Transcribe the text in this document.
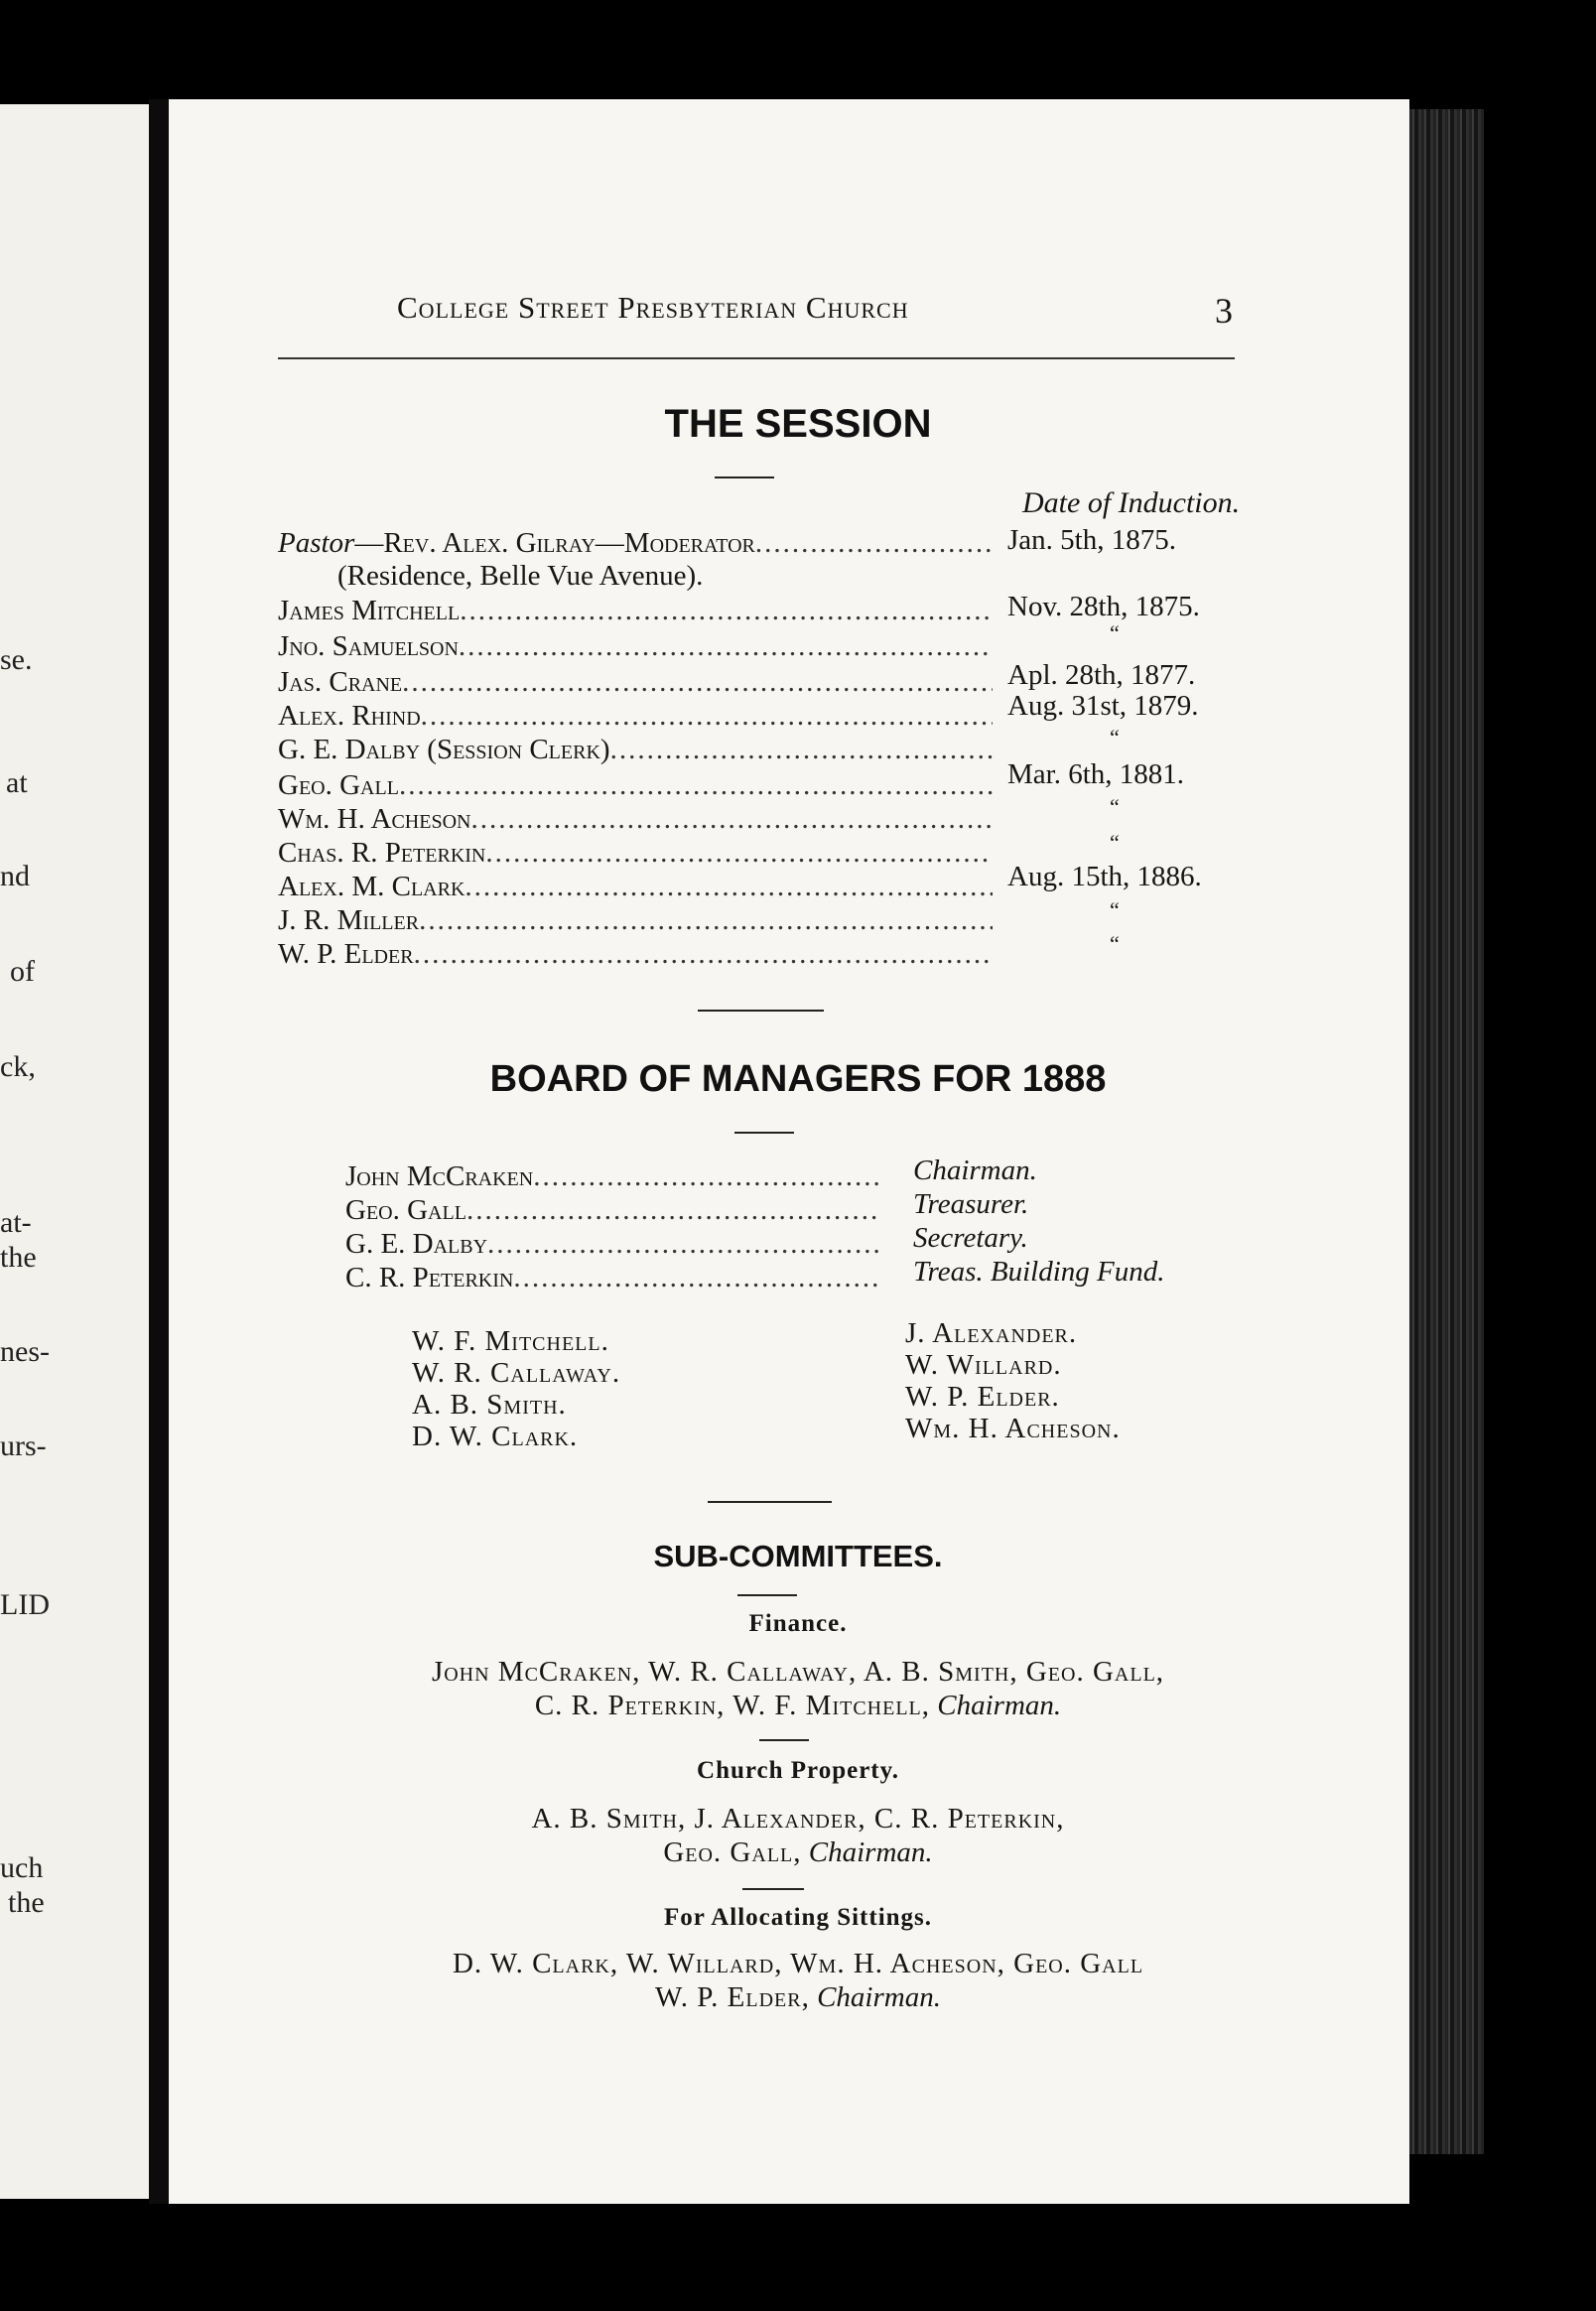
se.
at
nd
of
ck,
at-
the
nes-
urs-
LID
uch
the
College Street Presbyterian Church	3
THE SESSION
Date of Induction.
Pastor—Rev. Alex. Gilray—Moderator .....	Jan. 5th, 1875.
(Residence, Belle Vue Avenue).
James Mitchell .....	Nov. 28th, 1875.
Jno. Samuelson .....	“
Jas. Crane .....	Apl. 28th, 1877.
Alex. Rhind .....	Aug. 31st, 1879.
G. E. Dalby (Session Clerk) .....	“
Geo. Gall .....	Mar. 6th, 1881.
Wm. H. Acheson .....	“
Chas. R. Peterkin .....	“
Alex. M. Clark .....	Aug. 15th, 1886.
J. R. Miller .....	“
W. P. Elder .....	“
BOARD OF MANAGERS FOR 1888
John McCraken .....	Chairman.
Geo. Gall .....	Treasurer.
G. E. Dalby .....	Secretary.
C. R. Peterkin .....	Treas. Building Fund.
W. F. Mitchell.
W. R. Callaway.
A. B. Smith.
D. W. Clark.
J. Alexander.
W. Willard.
W. P. Elder.
Wm. H. Acheson.
SUB-COMMITTEES.
Finance.
John McCraken, W. R. Callaway, A. B. Smith, Geo. Gall,
C. R. Peterkin, W. F. Mitchell, Chairman.
Church Property.
A. B. Smith, J. Alexander, C. R. Peterkin,
Geo. Gall, Chairman.
For Allocating Sittings.
D. W. Clark, W. Willard, Wm. H. Acheson, Geo. Gall
W. P. Elder, Chairman.
